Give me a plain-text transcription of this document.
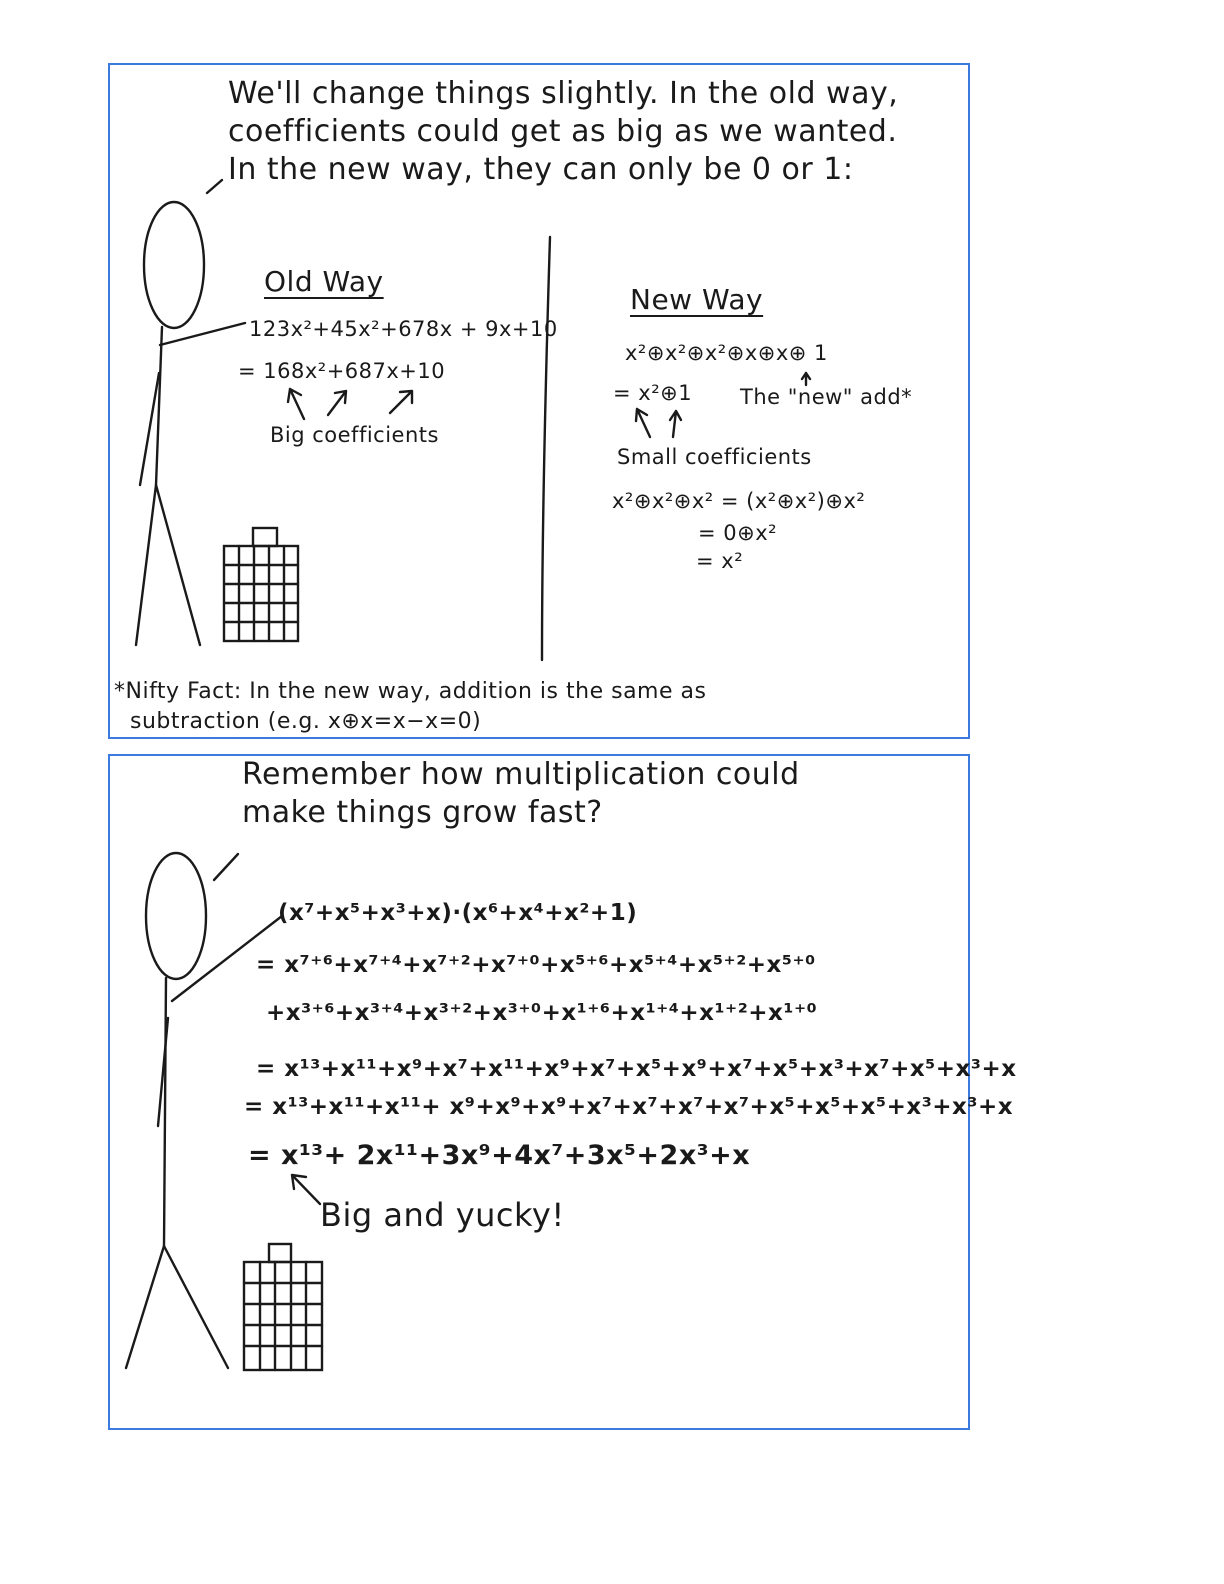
We'll change things slightly. In the old way,
coefficients could get as big as we wanted.
In the new way, they can only be 0 or 1:
Old Way
123x²+45x²+678x + 9x+10
= 168x²+687x+10
Big coefficients
New Way
x²⊕x²⊕x²⊕x⊕x⊕ 1
= x²⊕1 The "new" add*
Small coefficients
x²⊕x²⊕x² = (x²⊕x²)⊕x²
= 0⊕x²
= x²
*Nifty Fact: In the new way, addition is the same as
subtraction (e.g. x⊕x=x−x=0)
Remember how multiplication could
make things grow fast?
(x⁷+x⁵+x³+x)·(x⁶+x⁴+x²+1)
= x⁷⁺⁶+x⁷⁺⁴+x⁷⁺²+x⁷⁺⁰+x⁵⁺⁶+x⁵⁺⁴+x⁵⁺²+x⁵⁺⁰
+x³⁺⁶+x³⁺⁴+x³⁺²+x³⁺⁰+x¹⁺⁶+x¹⁺⁴+x¹⁺²+x¹⁺⁰
= x¹³+x¹¹+x⁹+x⁷+x¹¹+x⁹+x⁷+x⁵+x⁹+x⁷+x⁵+x³+x⁷+x⁵+x³+x
= x¹³+x¹¹+x¹¹+ x⁹+x⁹+x⁹+x⁷+x⁷+x⁷+x⁷+x⁵+x⁵+x⁵+x³+x³+x
= x¹³+ 2x¹¹+3x⁹+4x⁷+3x⁵+2x³+x
Big and yucky!
